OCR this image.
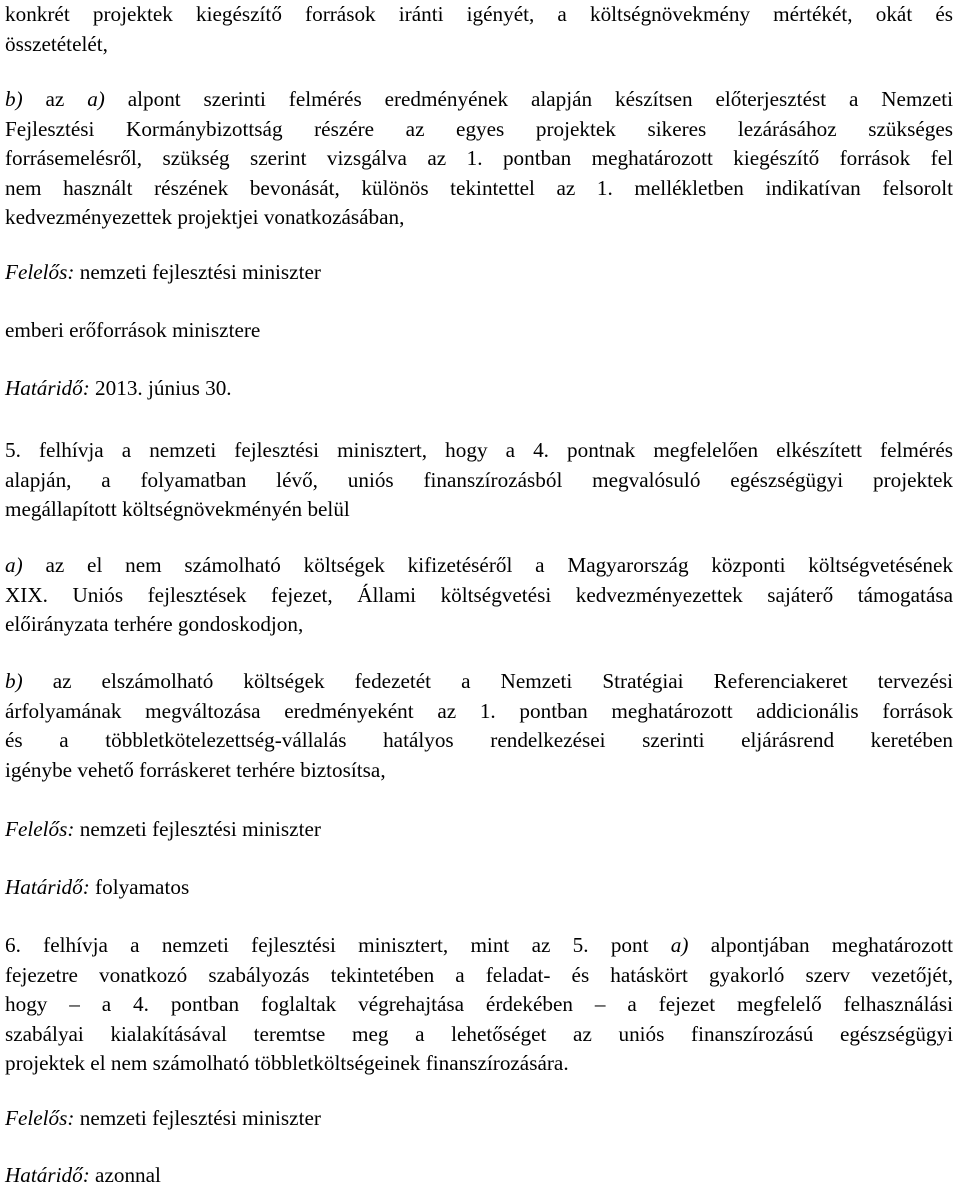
konkrét projektek kiegészítő források iránti igényét, a költségnövekmény mértékét, okát és
összetételét,
b) az a) alpont szerinti felmérés eredményének alapján készítsen előterjesztést a Nemzeti
Fejlesztési Kormánybizottság részére az egyes projektek sikeres lezárásához szükséges
forrásemelésről, szükség szerint vizsgálva az 1. pontban meghatározott kiegészítő források fel
nem használt részének bevonását, különös tekintettel az 1. mellékletben indikatívan felsorolt
kedvezményezettek projektjei vonatkozásában,
Felelős: nemzeti fejlesztési miniszter
emberi erőforrások minisztere
Határidő: 2013. június 30.
5. felhívja a nemzeti fejlesztési minisztert, hogy a 4. pontnak megfelelően elkészített felmérés
alapján, a folyamatban lévő, uniós finanszírozásból megvalósuló egészségügyi projektek
megállapított költségnövekményén belül
a) az el nem számolható költségek kifizetéséről a Magyarország központi költségvetésének
XIX. Uniós fejlesztések fejezet, Állami költségvetési kedvezményezettek sajáterő támogatása
előirányzata terhére gondoskodjon,
b) az elszámolható költségek fedezetét a Nemzeti Stratégiai Referenciakeret tervezési
árfolyamának megváltozása eredményeként az 1. pontban meghatározott addicionális források
és a többletkötelezettség-vállalás hatályos rendelkezései szerinti eljárásrend keretében
igénybe vehető forráskeret terhére biztosítsa,
Felelős: nemzeti fejlesztési miniszter
Határidő: folyamatos
6. felhívja a nemzeti fejlesztési minisztert, mint az 5. pont a) alpontjában meghatározott
fejezetre vonatkozó szabályozás tekintetében a feladat- és hatáskört gyakorló szerv vezetőjét,
hogy – a 4. pontban foglaltak végrehajtása érdekében – a fejezet megfelelő felhasználási
szabályai kialakításával teremtse meg a lehetőséget az uniós finanszírozású egészségügyi
projektek el nem számolható többletköltségeinek finanszírozására.
Felelős: nemzeti fejlesztési miniszter
Határidő: azonnal
